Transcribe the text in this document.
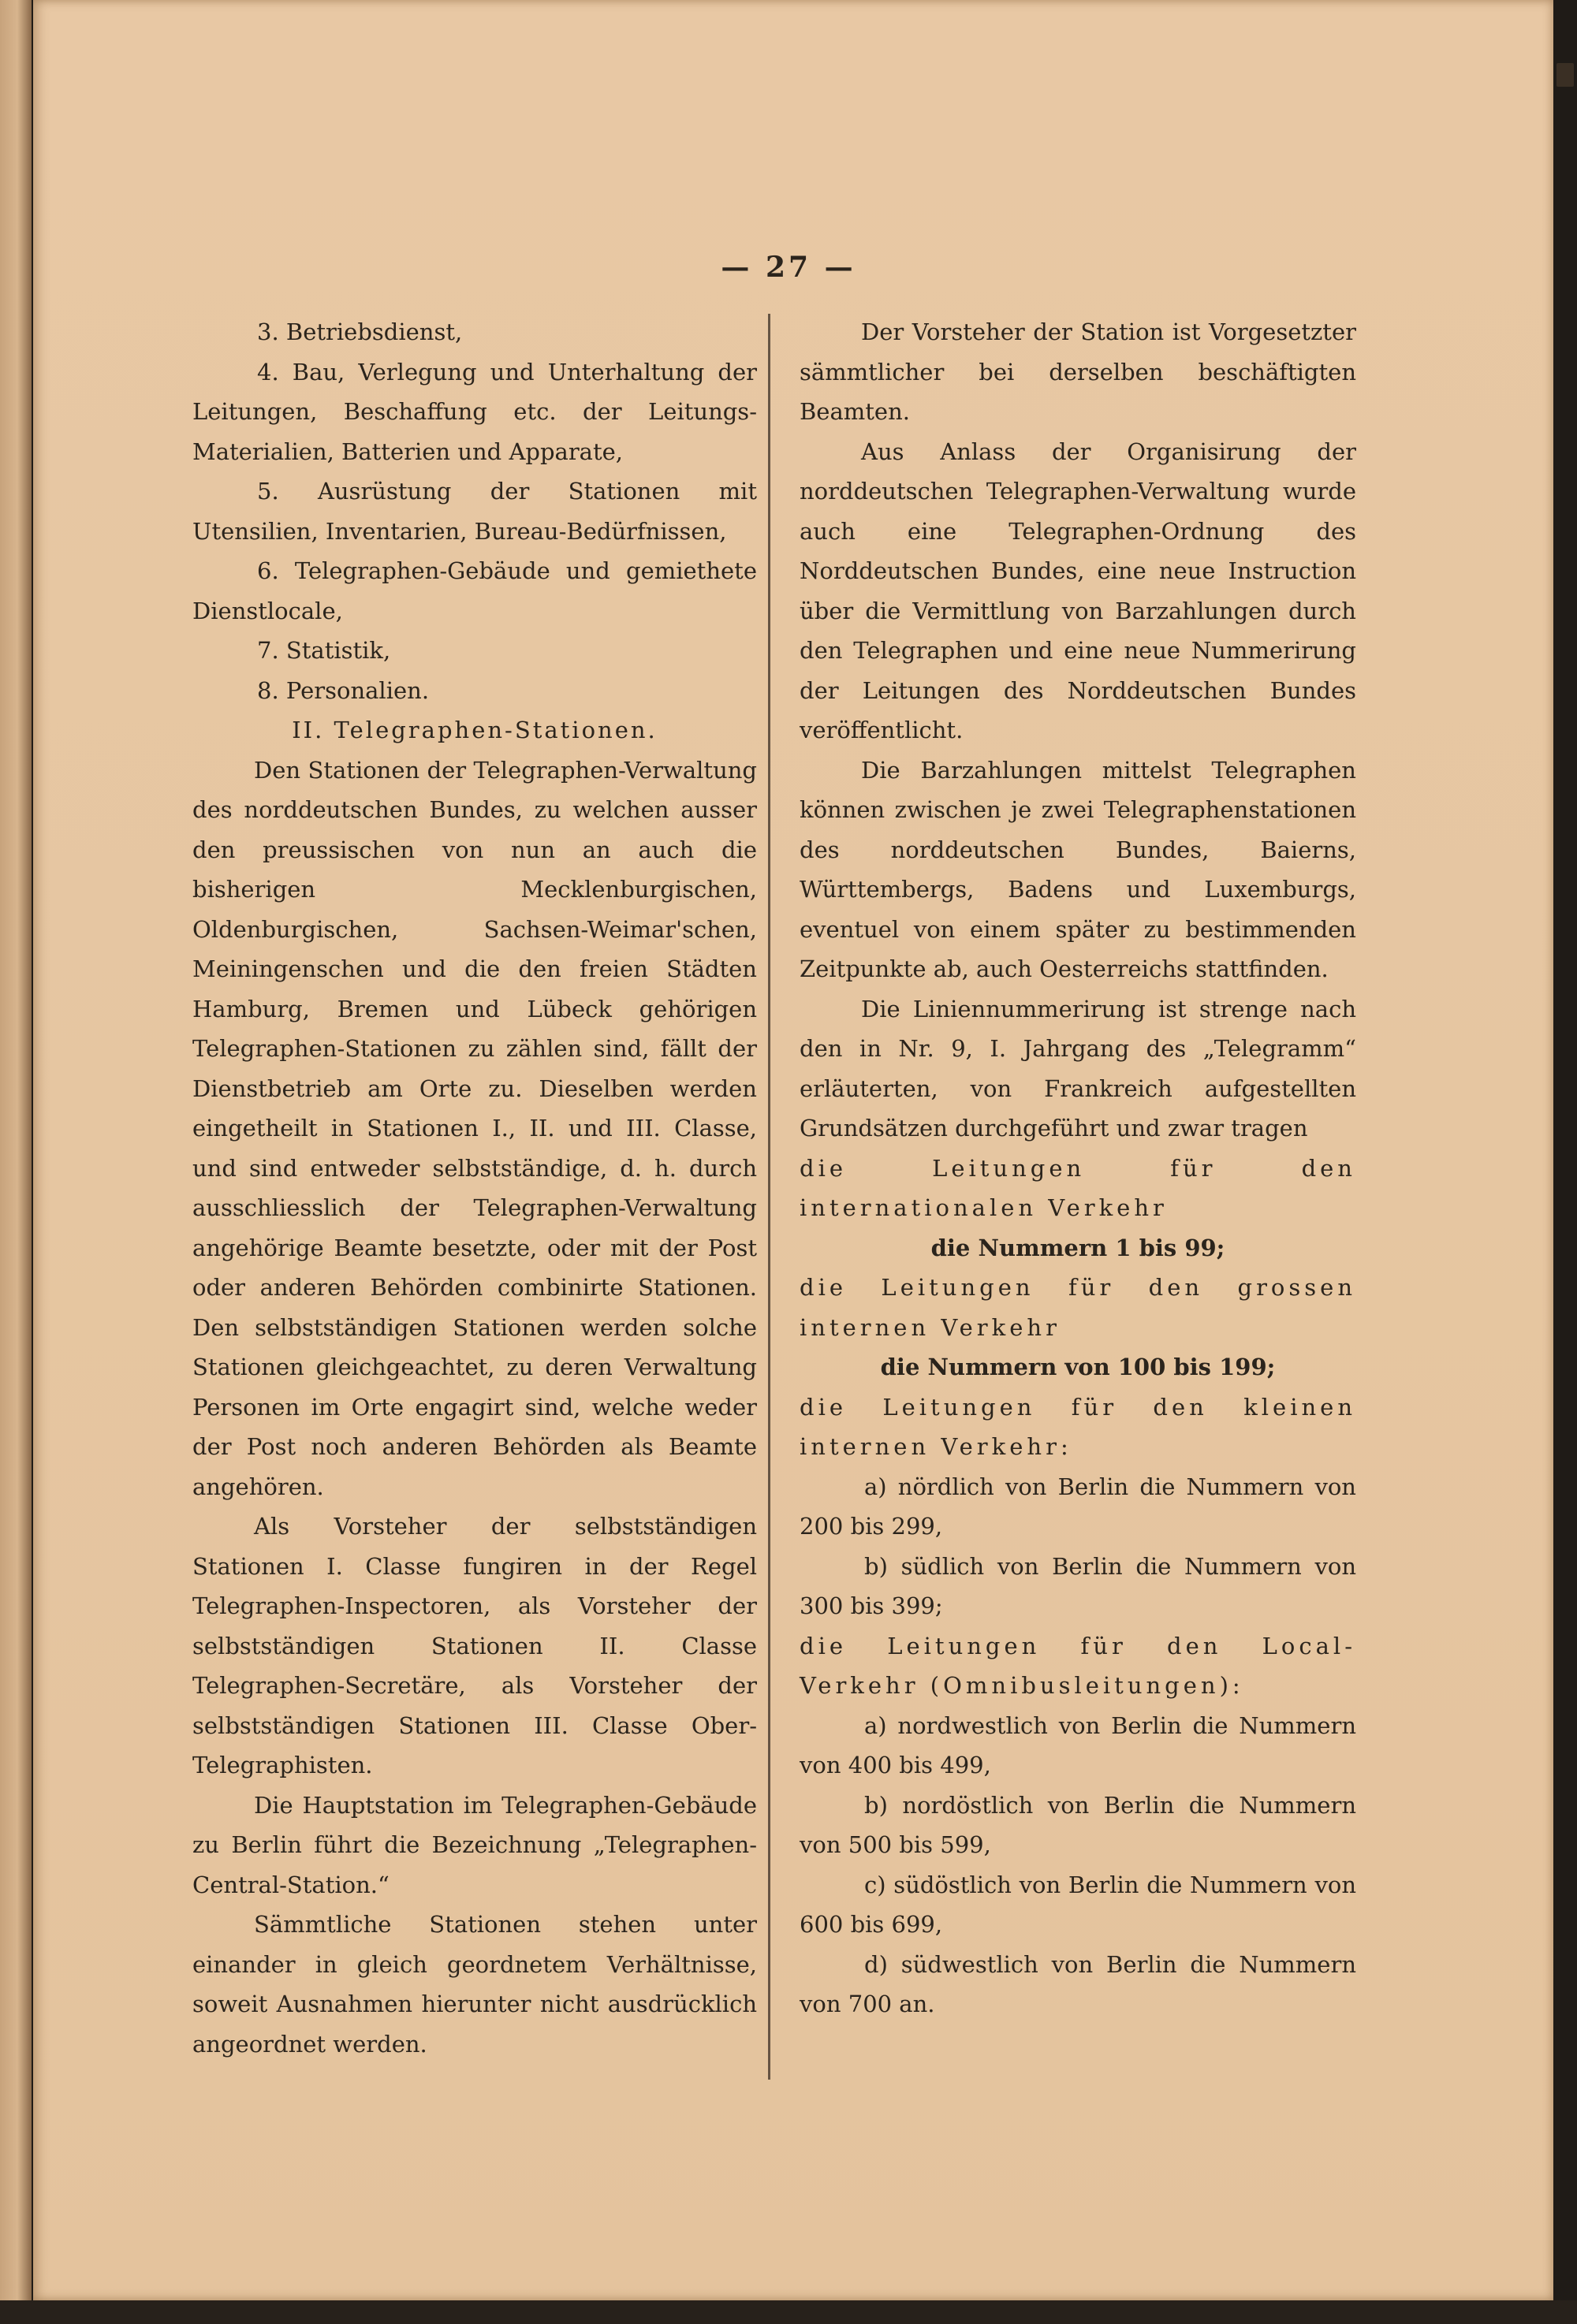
— 27 —

3. Betriebsdienst,

4. Bau, Verlegung und Unterhaltung der Leitungen, Beschaffung etc. der Leitungs-Materialien, Batterien und Apparate,

5. Ausrüstung der Stationen mit Utensilien, Inventarien, Bureau-Bedürfnissen,

6. Telegraphen-Gebäude und gemiethete Dienstlocale,

7. Statistik,

8. Personalien.

II. Telegraphen-Stationen.

Den Stationen der Telegraphen-Verwaltung des norddeutschen Bundes, zu welchen ausser den preussischen von nun an auch die bisherigen Mecklenburgischen, Oldenburgischen, Sachsen-Weimar'schen, Meiningenschen und die den freien Städten Hamburg, Bremen und Lübeck gehörigen Telegraphen-Stationen zu zählen sind, fällt der Dienstbetrieb am Orte zu. Dieselben werden eingetheilt in Stationen I., II. und III. Classe, und sind entweder selbstständige, d. h. durch ausschliesslich der Telegraphen-Verwaltung angehörige Beamte besetzte, oder mit der Post oder anderen Behörden combinirte Stationen. Den selbstständigen Stationen werden solche Stationen gleichgeachtet, zu deren Verwaltung Personen im Orte engagirt sind, welche weder der Post noch anderen Behörden als Beamte angehören.

Als Vorsteher der selbstständigen Stationen I. Classe fungiren in der Regel Telegraphen-Inspectoren, als Vorsteher der selbstständigen Stationen II. Classe Telegraphen-Secretäre, als Vorsteher der selbstständigen Stationen III. Classe Ober-Telegraphisten.

Die Hauptstation im Telegraphen-Gebäude zu Berlin führt die Bezeichnung „Telegraphen-Central-Station.“

Sämmtliche Stationen stehen unter einander in gleich geordnetem Verhältnisse, soweit Ausnahmen hierunter nicht ausdrücklich angeordnet werden.

Der Vorsteher der Station ist Vorgesetzter sämmtlicher bei derselben beschäftigten Beamten.

Aus Anlass der Organisirung der norddeutschen Telegraphen-Verwaltung wurde auch eine Telegraphen-Ordnung des Norddeutschen Bundes, eine neue Instruction über die Vermittlung von Barzahlungen durch den Telegraphen und eine neue Nummerirung der Leitungen des Norddeutschen Bundes veröffentlicht.

Die Barzahlungen mittelst Telegraphen können zwischen je zwei Telegraphenstationen des norddeutschen Bundes, Baierns, Württembergs, Badens und Luxemburgs, eventuel von einem später zu bestimmenden Zeitpunkte ab, auch Oesterreichs stattfinden.

Die Liniennummerirung ist strenge nach den in Nr. 9, I. Jahrgang des „Telegramm“ erläuterten, von Frankreich aufgestellten Grundsätzen durchgeführt und zwar tragen

die Leitungen für den internationalen Verkehr

die Nummern 1 bis 99;

die Leitungen für den grossen internen Verkehr

die Nummern von 100 bis 199;

die Leitungen für den kleinen internen Verkehr:

a) nördlich von Berlin die Nummern von 200 bis 299,

b) südlich von Berlin die Nummern von 300 bis 399;

die Leitungen für den Local-Verkehr (Omnibusleitungen):

a) nordwestlich von Berlin die Nummern von 400 bis 499,

b) nordöstlich von Berlin die Nummern von 500 bis 599,

c) südöstlich von Berlin die Nummern von 600 bis 699,

d) südwestlich von Berlin die Nummern von 700 an.
